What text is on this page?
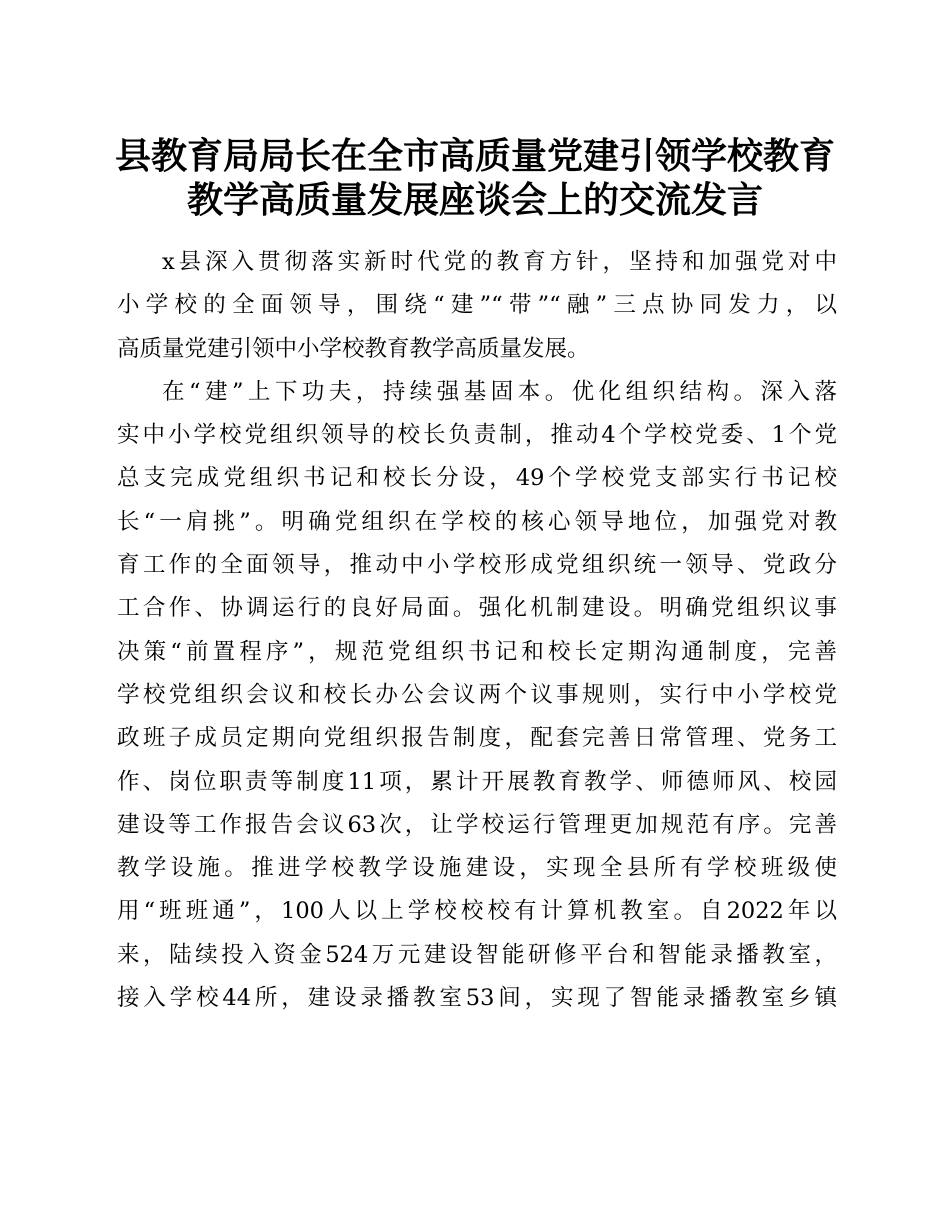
县教育局局长在全市高质量党建引领学校教育
教学高质量发展座谈会上的交流发言
x县深入贯彻落实新时代党的教育方针，坚持和加强党对中
小学校的全面领导，围绕“建”“带”“融”三点协同发力，以
高质量党建引领中小学校教育教学高质量发展。
在“建”上下功夫，持续强基固本。优化组织结构。深入落
实中小学校党组织领导的校长负责制，推动4个学校党委、1个党
总支完成党组织书记和校长分设，49个学校党支部实行书记校
长“一肩挑”。明确党组织在学校的核心领导地位，加强党对教
育工作的全面领导，推动中小学校形成党组织统一领导、党政分
工合作、协调运行的良好局面。强化机制建设。明确党组织议事
决策“前置程序”，规范党组织书记和校长定期沟通制度，完善
学校党组织会议和校长办公会议两个议事规则，实行中小学校党
政班子成员定期向党组织报告制度，配套完善日常管理、党务工
作、岗位职责等制度11项，累计开展教育教学、师德师风、校园
建设等工作报告会议63次，让学校运行管理更加规范有序。完善
教学设施。推进学校教学设施建设，实现全县所有学校班级使
用“班班通”，100人以上学校校校有计算机教室。自2022年以
来，陆续投入资金524万元建设智能研修平台和智能录播教室，
接入学校44所，建设录播教室53间，实现了智能录播教室乡镇
